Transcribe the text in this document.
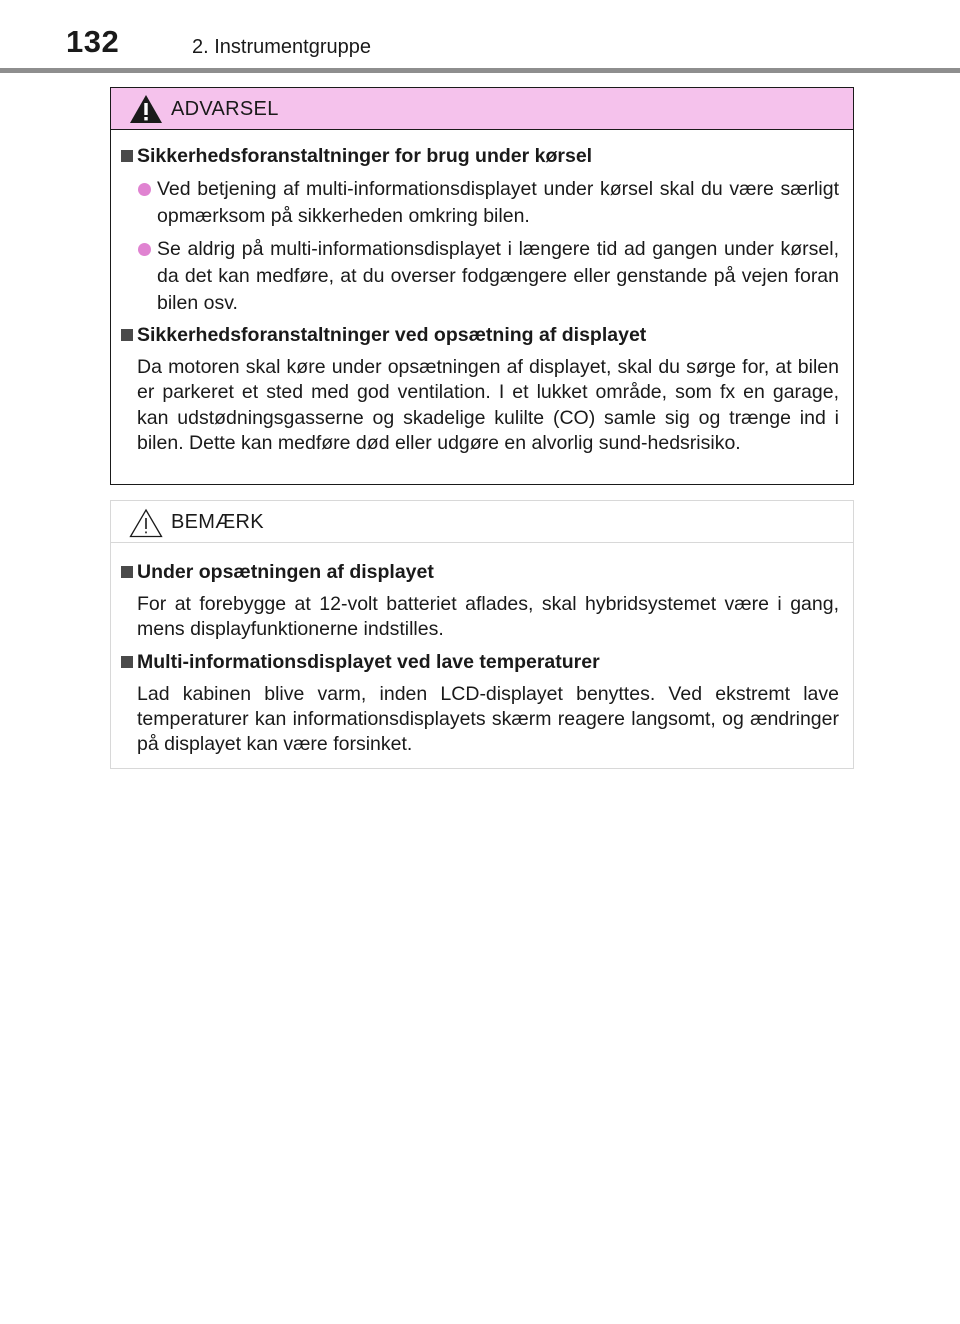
132	2. Instrumentgruppe
ADVARSEL
Sikkerhedsforanstaltninger for brug under kørsel
Ved betjening af multi-informationsdisplayet under kørsel skal du være særligt opmærksom på sikkerheden omkring bilen.
Se aldrig på multi-informationsdisplayet i længere tid ad gangen under kørsel, da det kan medføre, at du overser fodgængere eller genstande på vejen foran bilen osv.
Sikkerhedsforanstaltninger ved opsætning af displayet
Da motoren skal køre under opsætningen af displayet, skal du sørge for, at bilen er parkeret et sted med god ventilation. I et lukket område, som fx en garage, kan udstødningsgasserne og skadelige kulilte (CO) samle sig og trænge ind i bilen. Dette kan medføre død eller udgøre en alvorlig sund-hedsrisiko.
BEMÆRK
Under opsætningen af displayet
For at forebygge at 12-volt batteriet aflades, skal hybridsystemet være i gang, mens displayfunktionerne indstilles.
Multi-informationsdisplayet ved lave temperaturer
Lad kabinen blive varm, inden LCD-displayet benyttes. Ved ekstremt lave temperaturer kan informationsdisplayets skærm reagere langsomt, og ændringer på displayet kan være forsinket.
